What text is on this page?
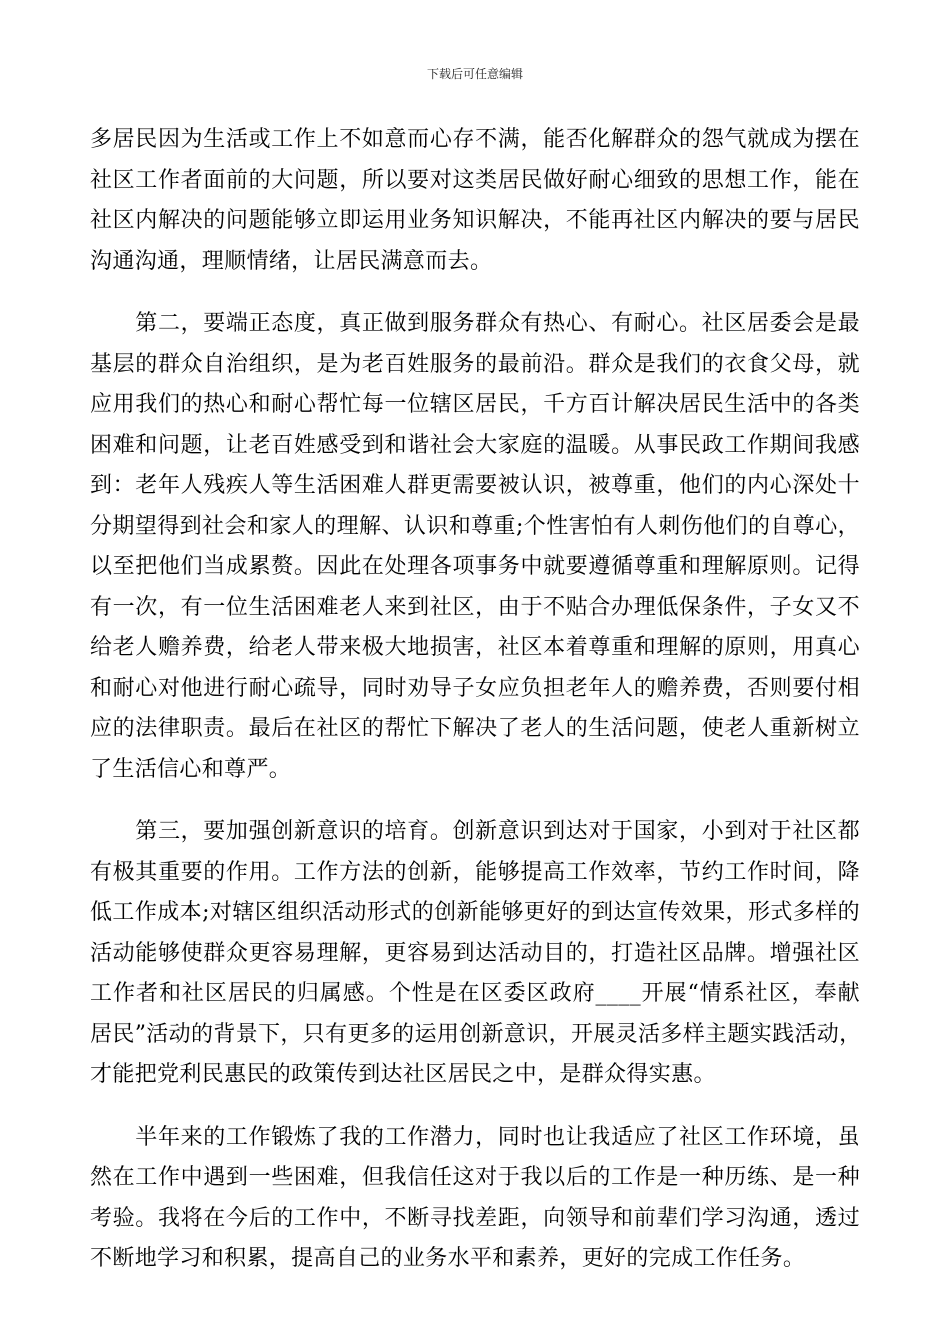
下载后可任意编辑
多居民因为生活或工作上不如意而心存不满，能否化解群众的怨气就成为摆在
社区工作者面前的大问题，所以要对这类居民做好耐心细致的思想工作，能在
社区内解决的问题能够立即运用业务知识解决，不能再社区内解决的要与居民
沟通沟通，理顺情绪，让居民满意而去。
　　第二，要端正态度，真正做到服务群众有热心、有耐心。社区居委会是最
基层的群众自治组织，是为老百姓服务的最前沿。群众是我们的衣食父母，就
应用我们的热心和耐心帮忙每一位辖区居民，千方百计解决居民生活中的各类
困难和问题，让老百姓感受到和谐社会大家庭的温暖。从事民政工作期间我感
到：老年人残疾人等生活困难人群更需要被认识，被尊重，他们的内心深处十
分期望得到社会和家人的理解、认识和尊重;个性害怕有人刺伤他们的自尊心，
以至把他们当成累赘。因此在处理各项事务中就要遵循尊重和理解原则。记得
有一次，有一位生活困难老人来到社区，由于不贴合办理低保条件，子女又不
给老人赡养费，给老人带来极大地损害，社区本着尊重和理解的原则，用真心
和耐心对他进行耐心疏导，同时劝导子女应负担老年人的赡养费，否则要付相
应的法律职责。最后在社区的帮忙下解决了老人的生活问题，使老人重新树立
了生活信心和尊严。
　　第三，要加强创新意识的培育。创新意识到达对于国家，小到对于社区都
有极其重要的作用。工作方法的创新，能够提高工作效率，节约工作时间，降
低工作成本;对辖区组织活动形式的创新能够更好的到达宣传效果，形式多样的
活动能够使群众更容易理解，更容易到达活动目的，打造社区品牌。增强社区
工作者和社区居民的归属感。个性是在区委区政府____开展“情系社区，奉献
居民”活动的背景下，只有更多的运用创新意识，开展灵活多样主题实践活动，
才能把党利民惠民的政策传到达社区居民之中，是群众得实惠。
　　半年来的工作锻炼了我的工作潜力，同时也让我适应了社区工作环境，虽
然在工作中遇到一些困难，但我信任这对于我以后的工作是一种历练、是一种
考验。我将在今后的工作中，不断寻找差距，向领导和前辈们学习沟通，透过
不断地学习和积累，提高自己的业务水平和素养，更好的完成工作任务。
